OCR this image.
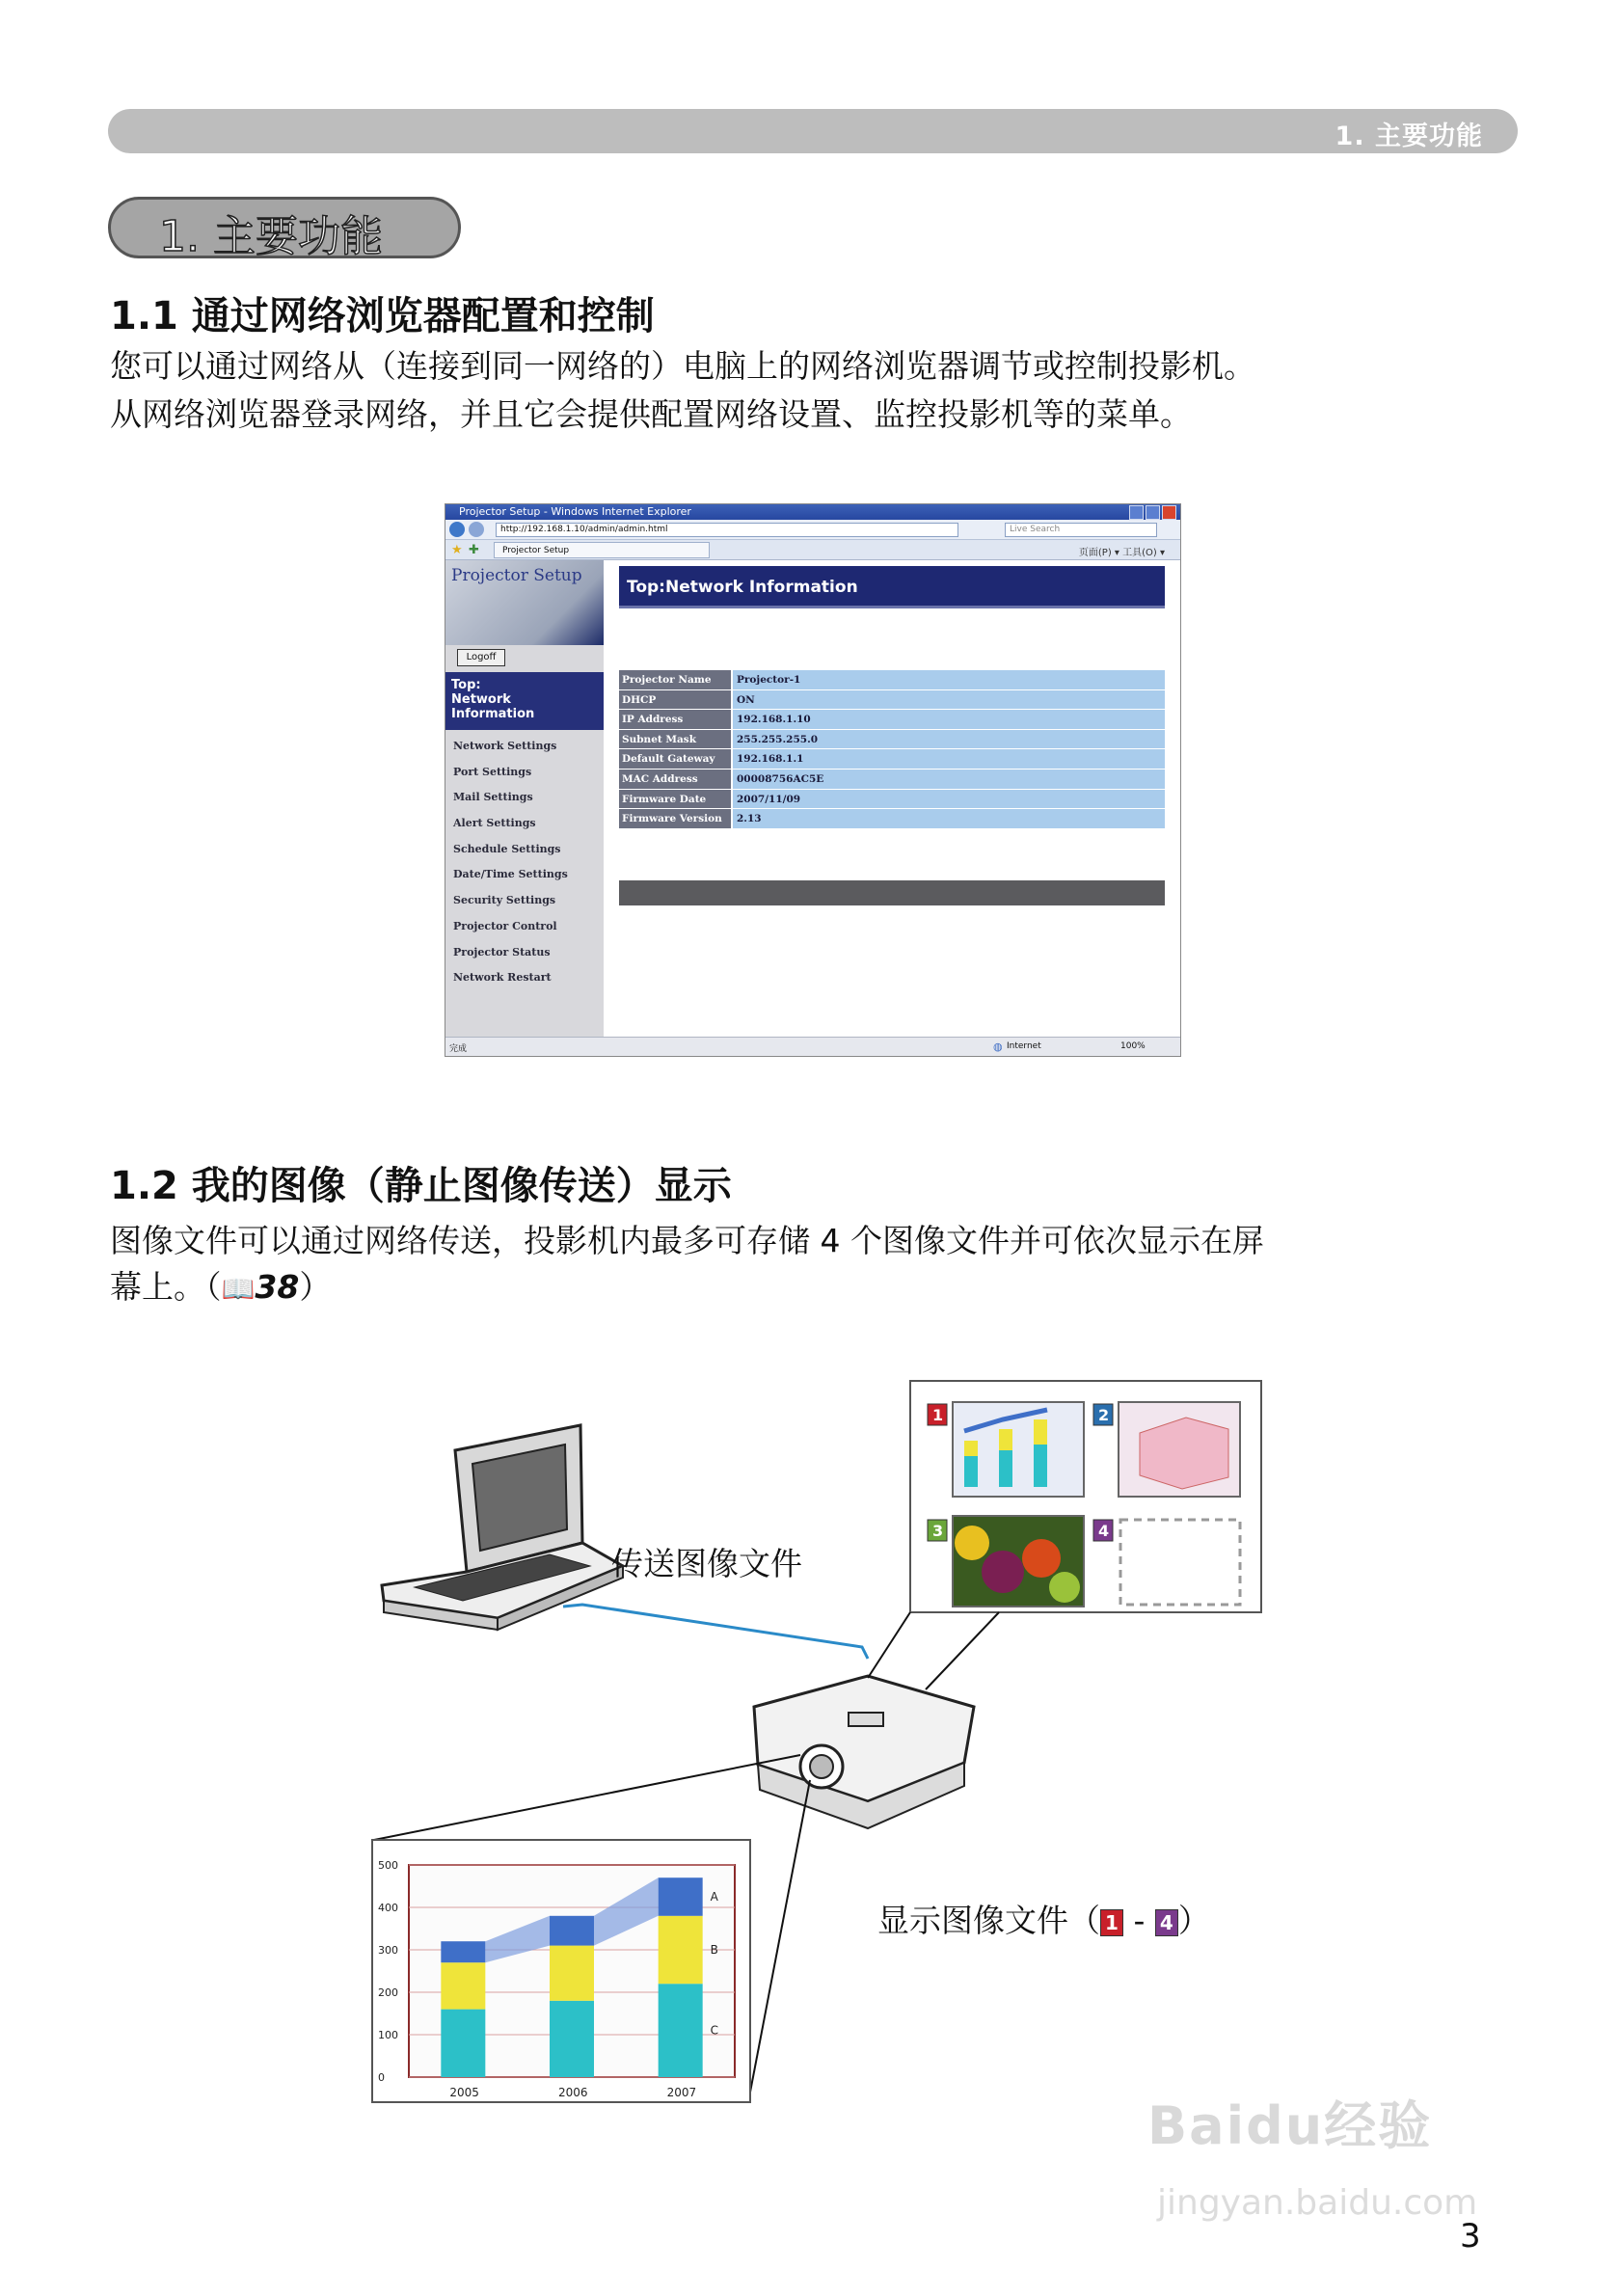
1. 主要功能
1. 主要功能
1.1 通过网络浏览器配置和控制
您可以通过网络从（连接到同一网络的）电脑上的网络浏览器调节或控制投影机。
从网络浏览器登录网络，并且它会提供配置网络设置、监控投影机等的菜单。
Projector Setup - Windows Internet Explorer
http://192.168.1.10/admin/admin.html	Live Search
★ ✚	Projector Setup	页面(P) ▾ 工具(O) ▾
Projector Setup
Logoff
Top:
Network
Information
Network Settings
Port Settings
Mail Settings
Alert Settings
Schedule Settings
Date/Time Settings
Security Settings
Projector Control
Projector Status
Network Restart
Top:Network Information
Projector Name	Projector-1
DHCP	ON
IP Address	192.168.1.10
Subnet Mask	255.255.255.0
Default Gateway	192.168.1.1
MAC Address	00008756AC5E
Firmware Date	2007/11/09
Firmware Version	2.13
完成	◍ Internet	100%
1.2 我的图像（静止图像传送）显示
图像文件可以通过网络传送，投影机内最多可存储 4 个图像文件并可依次显示在屏
幕上。（📖38）
1	2
3	4
0
100
200
300
400
500
2005	2006	2007
C
B
A
传送图像文件
显示图像文件（ 1 - 4 ）
Baidu经验
jingyan.baidu.com
3
